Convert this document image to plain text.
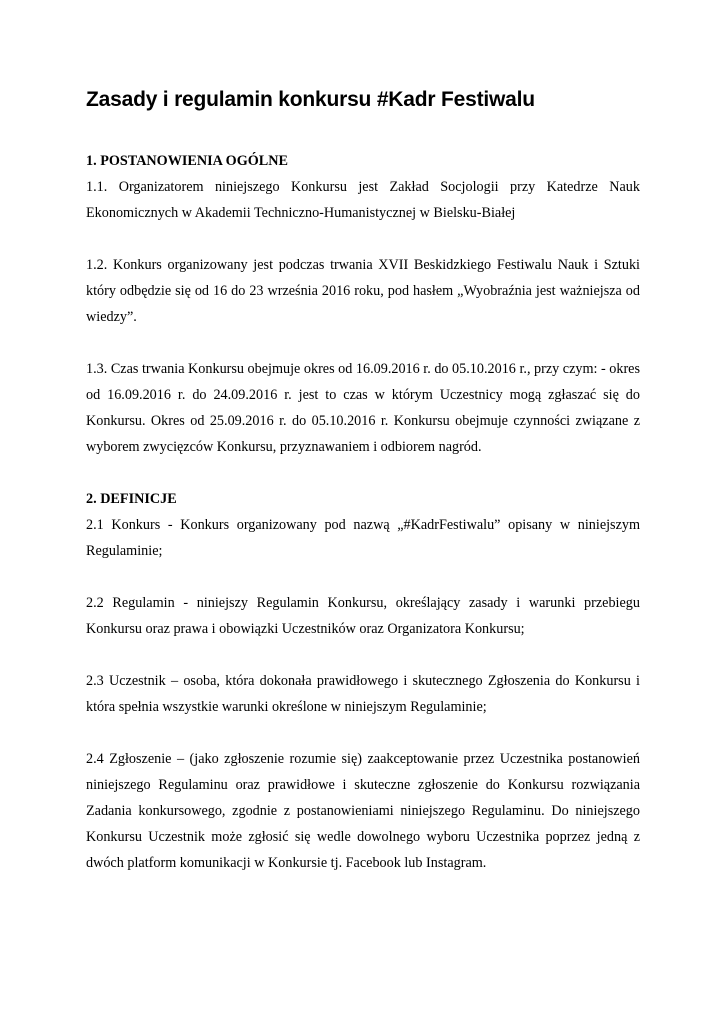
Zasady i regulamin konkursu #Kadr Festiwalu

1. POSTANOWIENIA OGÓLNE

1.1. Organizatorem niniejszego Konkursu jest Zakład Socjologii przy Katedrze Nauk Ekonomicznych w Akademii Techniczno-Humanistycznej w Bielsku-Białej

1.2. Konkurs organizowany jest podczas trwania XVII Beskidzkiego Festiwalu Nauk i Sztuki który odbędzie się od 16 do 23 września 2016 roku, pod hasłem „Wyobraźnia jest ważniejsza od wiedzy”.

1.3. Czas trwania Konkursu obejmuje okres od 16.09.2016 r. do 05.10.2016 r., przy czym: - okres od 16.09.2016 r. do 24.09.2016 r. jest to czas w którym Uczestnicy mogą zgłaszać się do Konkursu. Okres od 25.09.2016 r. do 05.10.2016 r. Konkursu obejmuje czynności związane z wyborem zwycięzców Konkursu, przyznawaniem i odbiorem nagród.

2. DEFINICJE

2.1 Konkurs - Konkurs organizowany pod nazwą „#KadrFestiwalu” opisany w niniejszym Regulaminie;

2.2 Regulamin - niniejszy Regulamin Konkursu, określający zasady i warunki przebiegu Konkursu oraz prawa i obowiązki Uczestników oraz Organizatora Konkursu;

2.3 Uczestnik – osoba, która dokonała prawidłowego i skutecznego Zgłoszenia do Konkursu i która spełnia wszystkie warunki określone w niniejszym Regulaminie;

2.4 Zgłoszenie – (jako zgłoszenie rozumie się) zaakceptowanie przez Uczestnika postanowień niniejszego Regulaminu oraz prawidłowe i skuteczne zgłoszenie do Konkursu rozwiązania Zadania konkursowego, zgodnie z postanowieniami niniejszego Regulaminu. Do niniejszego Konkursu Uczestnik może zgłosić się wedle dowolnego wyboru Uczestnika poprzez jedną z dwóch platform komunikacji w Konkursie tj. Facebook lub Instagram.
